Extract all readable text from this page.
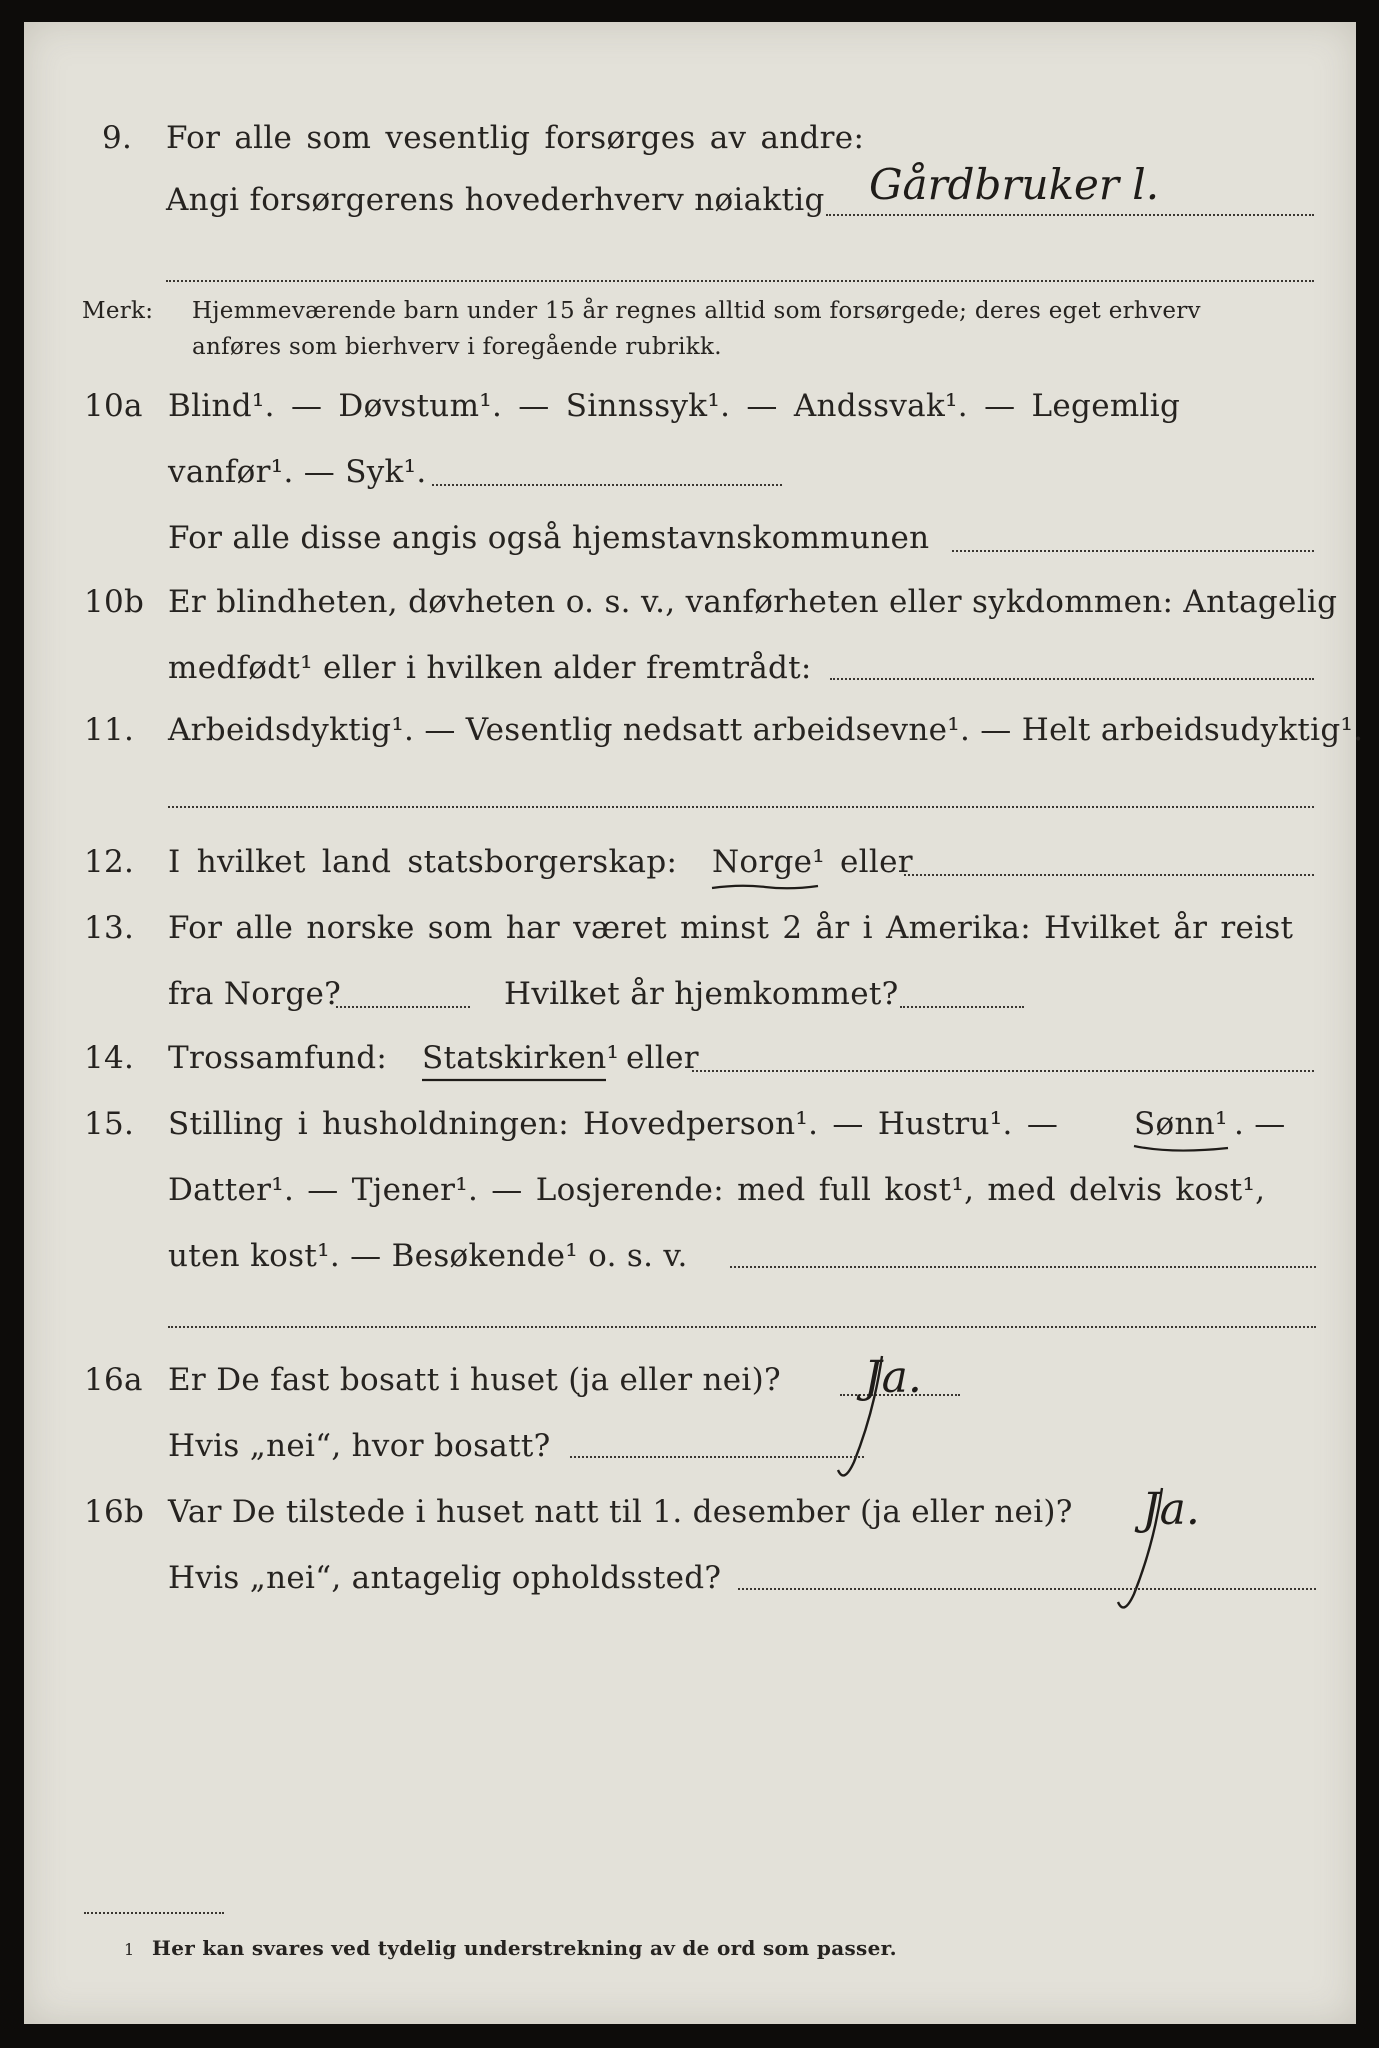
9. For alle som vesentlig forsørges av andre:
Angi forsørgerens hovederhverv nøiaktig Gårdbruker l.
Merk: Hjemmeværende barn under 15 år regnes alltid som forsørgede; deres eget erhverv
anføres som bierhverv i foregående rubrikk.
10a Blind¹. — Døvstum¹. — Sinnssyk¹. — Andssvak¹. — Legemlig
vanfør¹. — Syk¹.
For alle disse angis også hjemstavnskommunen
10b Er blindheten, døvheten o. s. v., vanførheten eller sykdommen: Antagelig
medfødt¹ eller i hvilken alder fremtrådt:
11. Arbeidsdyktig¹. — Vesentlig nedsatt arbeidsevne¹. — Helt arbeidsudyktig¹.
12. I hvilket land statsborgerskap: Norge¹ eller
13. For alle norske som har været minst 2 år i Amerika: Hvilket år reist
fra Norge?	Hvilket år hjemkommet?
14. Trossamfund: Statskirken¹ eller
15. Stilling i husholdningen: Hovedperson¹. — Hustru¹. — Sønn¹ . —
Datter¹. — Tjener¹. — Losjerende: med full kost¹, med delvis kost¹,
uten kost¹. — Besøkende¹ o. s. v.
16a Er De fast bosatt i huset (ja eller nei)? Ja.
Hvis „nei“, hvor bosatt?
16b Var De tilstede i huset natt til 1. desember (ja eller nei)? Ja.
Hvis „nei“, antagelig opholdssted?
1 Her kan svares ved tydelig understrekning av de ord som passer.
